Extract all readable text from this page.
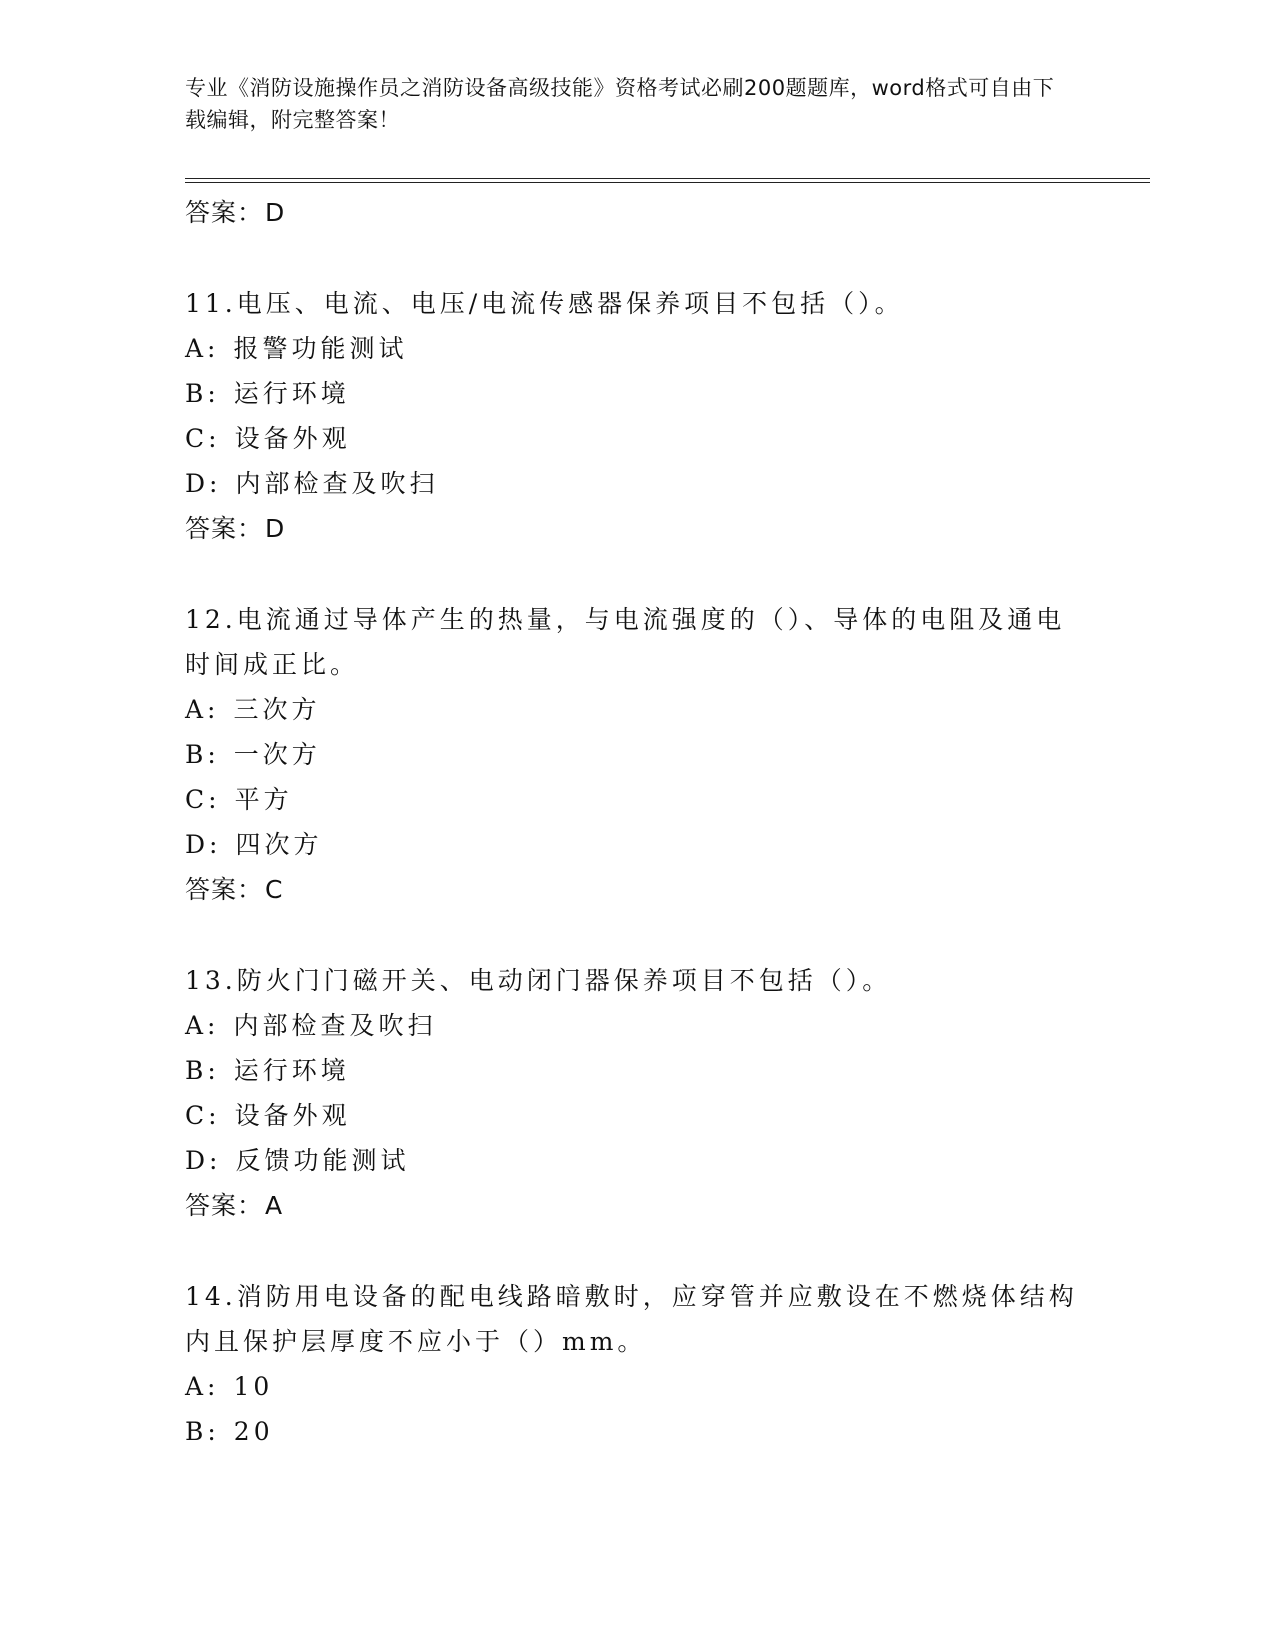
专业《消防设施操作员之消防设备高级技能》资格考试必刷200题题库，word格式可自由下载编辑，附完整答案！
答案：D
11.电压、电流、电压/电流传感器保养项目不包括（）。
A: 报警功能测试
B: 运行环境
C: 设备外观
D: 内部检查及吹扫
答案：D
12.电流通过导体产生的热量，与电流强度的（）、导体的电阻及通电时间成正比。
A: 三次方
B: 一次方
C: 平方
D: 四次方
答案：C
13.防火门门磁开关、电动闭门器保养项目不包括（）。
A: 内部检查及吹扫
B: 运行环境
C: 设备外观
D: 反馈功能测试
答案：A
14.消防用电设备的配电线路暗敷时，应穿管并应敷设在不燃烧体结构内且保护层厚度不应小于（）mm。
A: 10
B: 20
